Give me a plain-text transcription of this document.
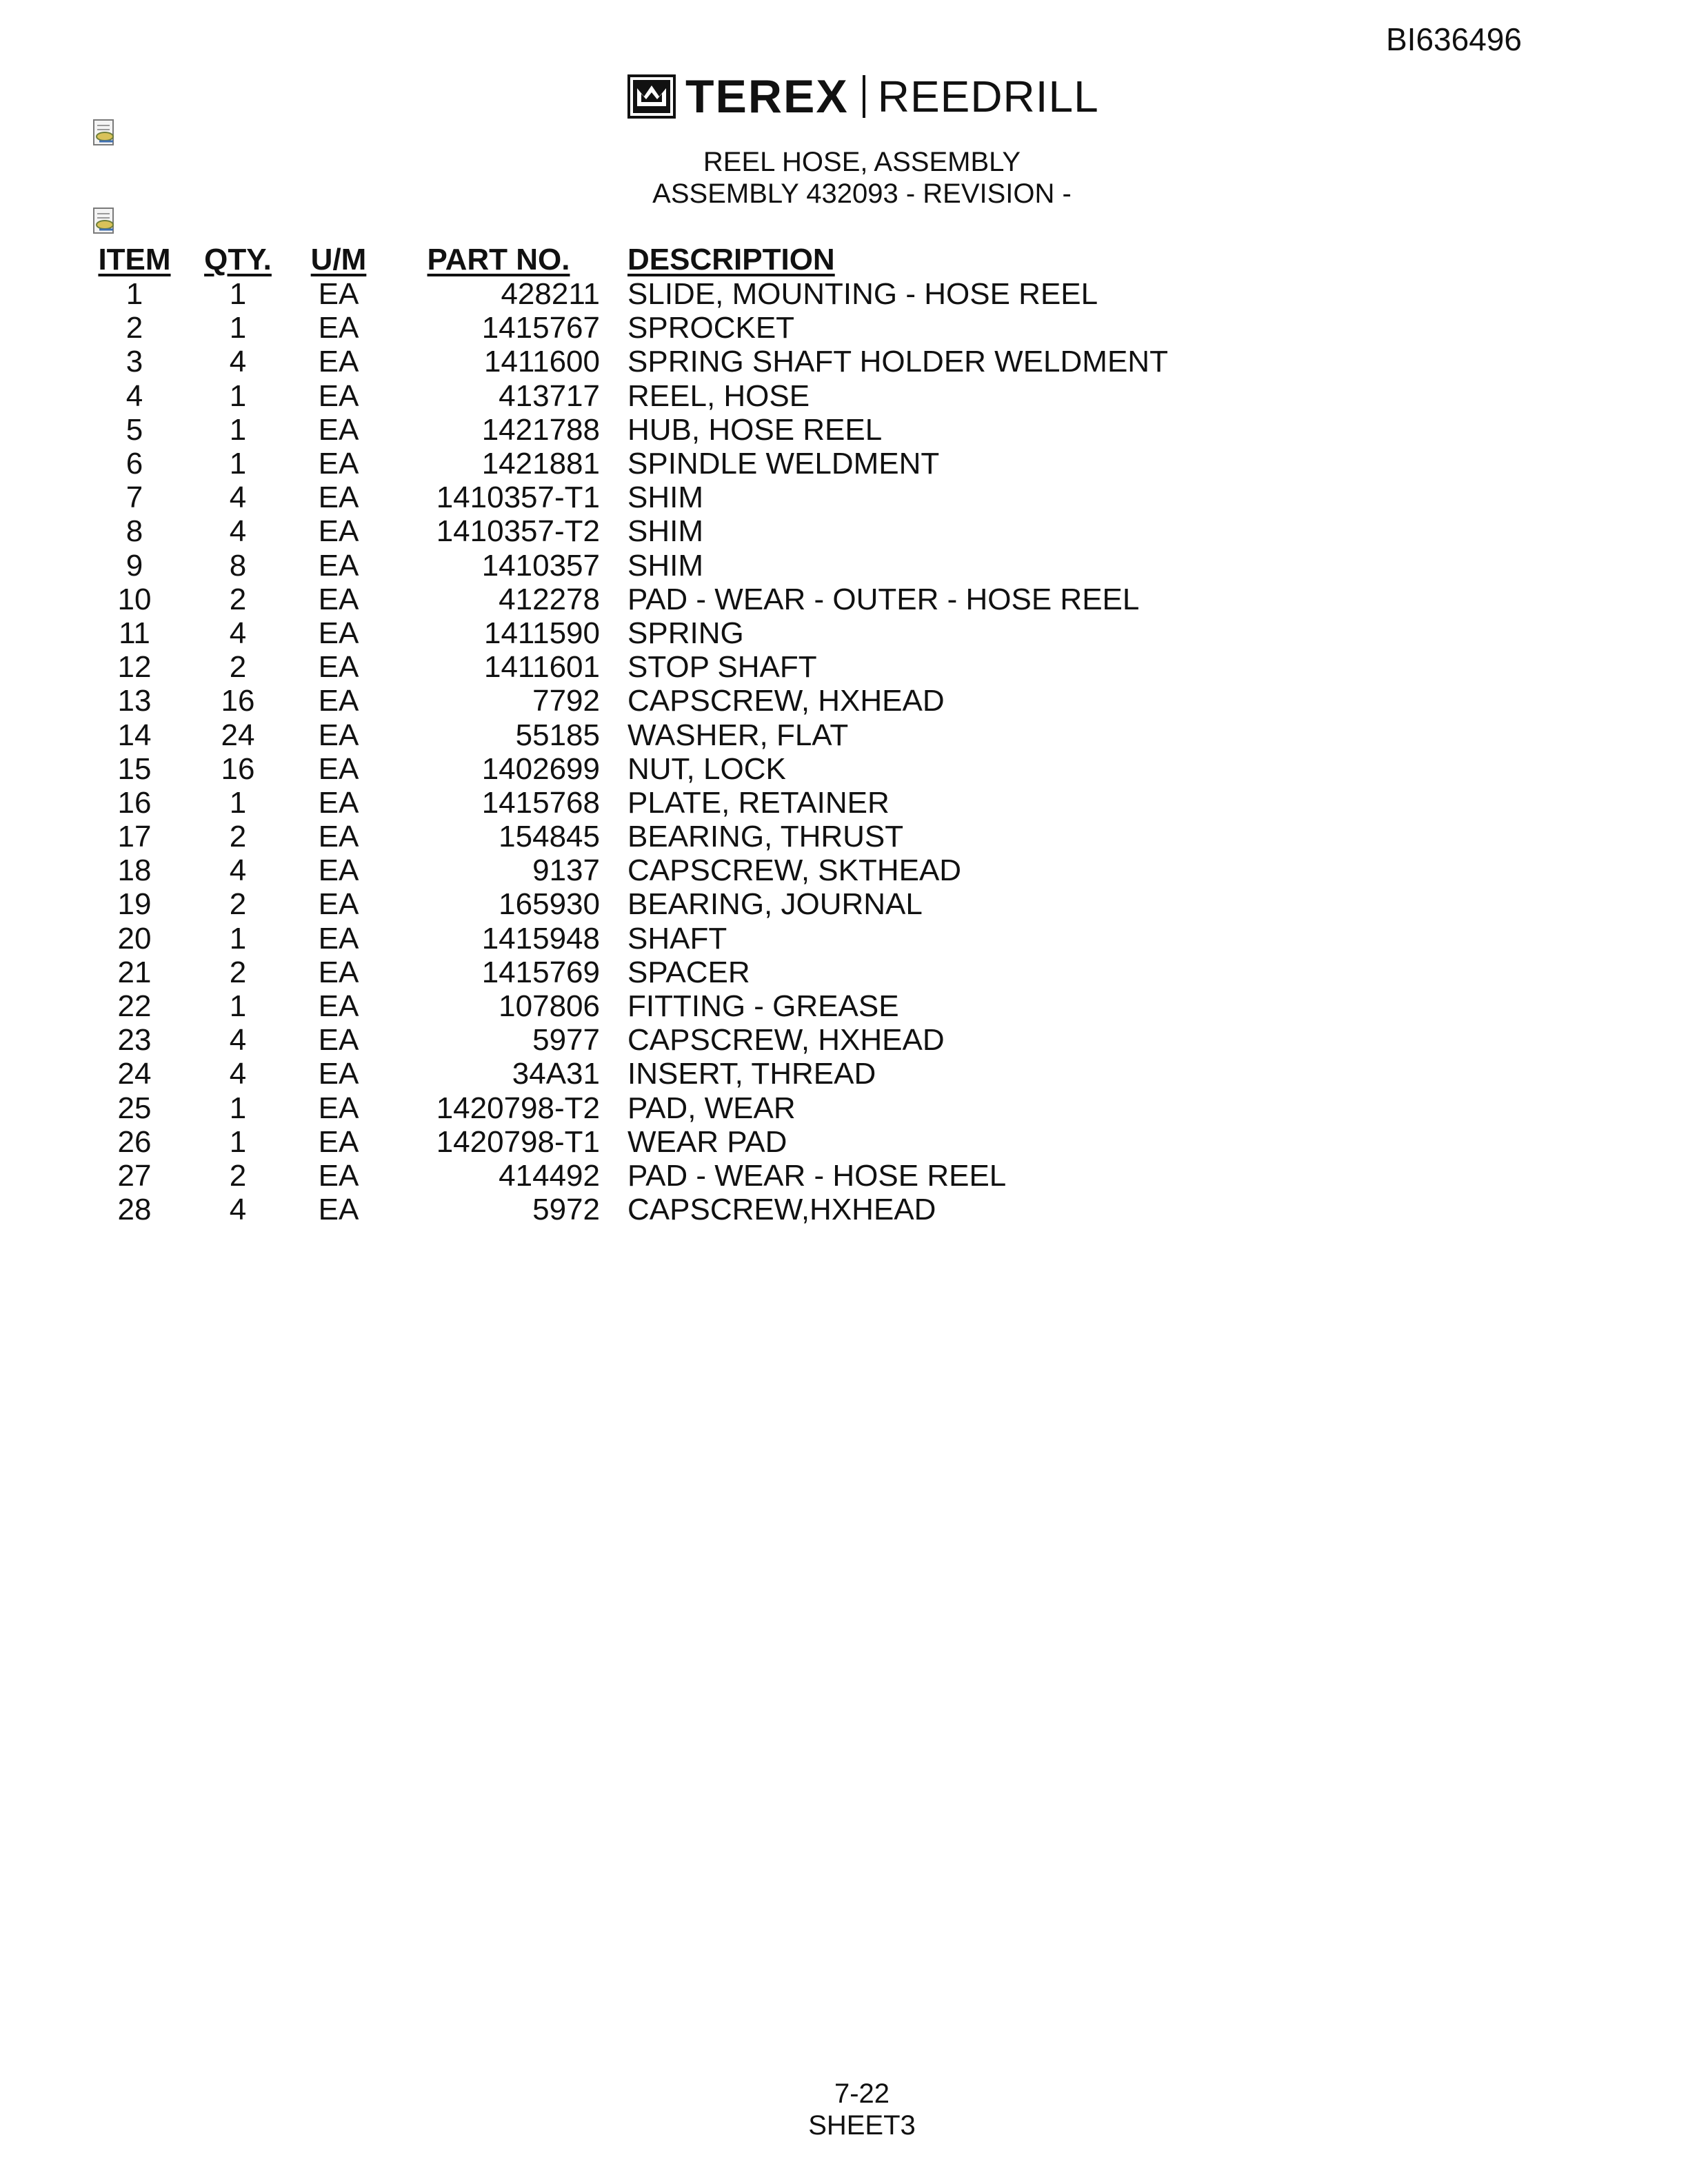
BI636496
TEREX REEDRILL
REEL HOSE, ASSEMBLY
ASSEMBLY 432093 - REVISION -
ITEM	QTY.	U/M	PART NO.	DESCRIPTION
1	1	EA	428211	SLIDE, MOUNTING - HOSE REEL
2	1	EA	1415767	SPROCKET
3	4	EA	1411600	SPRING SHAFT HOLDER WELDMENT
4	1	EA	413717	REEL, HOSE
5	1	EA	1421788	HUB, HOSE REEL
6	1	EA	1421881	SPINDLE WELDMENT
7	4	EA	1410357-T1	SHIM
8	4	EA	1410357-T2	SHIM
9	8	EA	1410357	SHIM
10	2	EA	412278	PAD - WEAR - OUTER - HOSE REEL
11	4	EA	1411590	SPRING
12	2	EA	1411601	STOP SHAFT
13	16	EA	7792	CAPSCREW, HXHEAD
14	24	EA	55185	WASHER, FLAT
15	16	EA	1402699	NUT, LOCK
16	1	EA	1415768	PLATE, RETAINER
17	2	EA	154845	BEARING, THRUST
18	4	EA	9137	CAPSCREW, SKTHEAD
19	2	EA	165930	BEARING, JOURNAL
20	1	EA	1415948	SHAFT
21	2	EA	1415769	SPACER
22	1	EA	107806	FITTING - GREASE
23	4	EA	5977	CAPSCREW, HXHEAD
24	4	EA	34A31	INSERT, THREAD
25	1	EA	1420798-T2	PAD, WEAR
26	1	EA	1420798-T1	WEAR PAD
27	2	EA	414492	PAD - WEAR - HOSE REEL
28	4	EA	5972	CAPSCREW,HXHEAD
7-22
SHEET3
